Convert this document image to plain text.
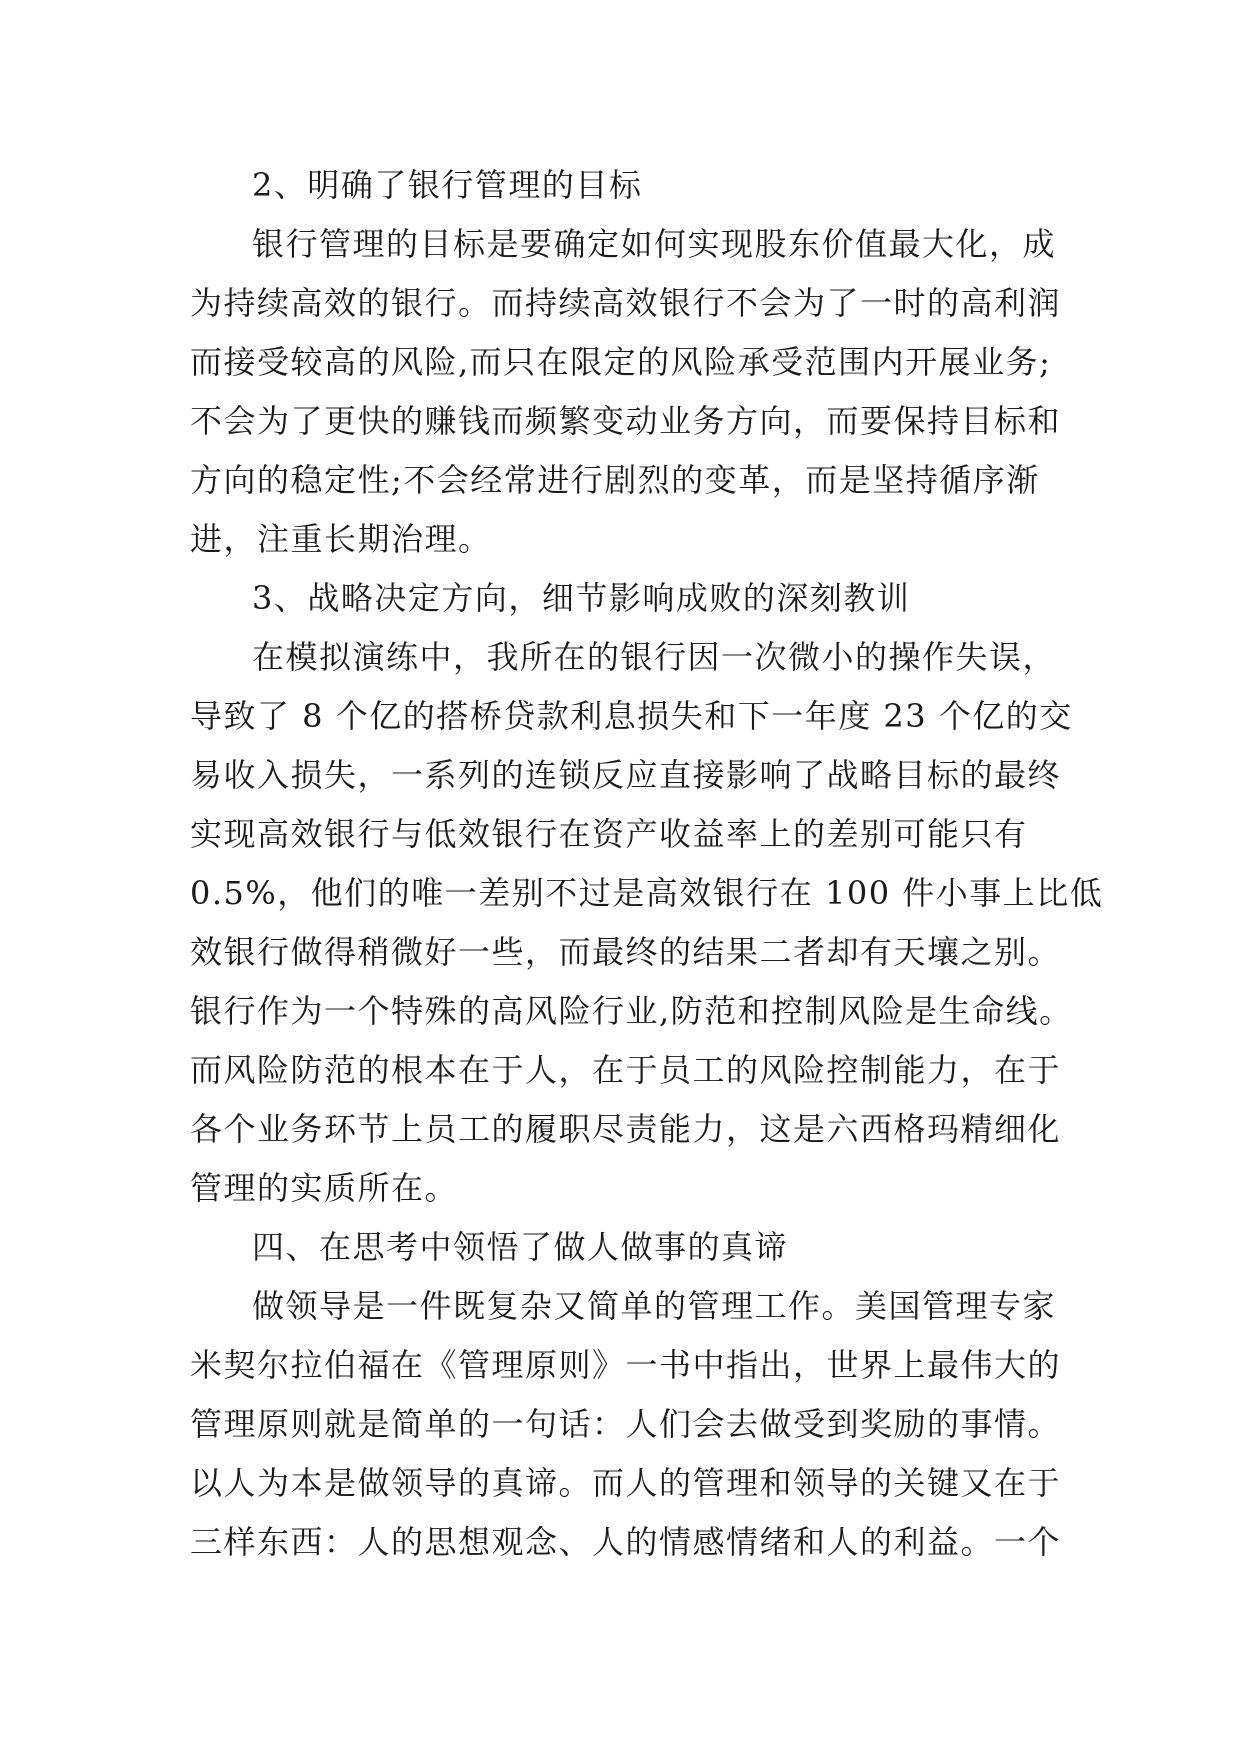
2、明确了银行管理的目标
银行管理的目标是要确定如何实现股东价值最大化，成
为持续高效的银行。而持续高效银行不会为了一时的高利润
而接受较高的风险,而只在限定的风险承受范围内开展业务;
不会为了更快的赚钱而频繁变动业务方向，而要保持目标和
方向的稳定性;不会经常进行剧烈的变革，而是坚持循序渐
进，注重长期治理。
3、战略决定方向，细节影响成败的深刻教训
在模拟演练中，我所在的银行因一次微小的操作失误，
导致了 8 个亿的搭桥贷款利息损失和下一年度 23 个亿的交
易收入损失，一系列的连锁反应直接影响了战略目标的最终
实现高效银行与低效银行在资产收益率上的差别可能只有
0.5%，他们的唯一差别不过是高效银行在 100 件小事上比低
效银行做得稍微好一些，而最终的结果二者却有天壤之别。
银行作为一个特殊的高风险行业,防范和控制风险是生命线。
而风险防范的根本在于人，在于员工的风险控制能力，在于
各个业务环节上员工的履职尽责能力，这是六西格玛精细化
管理的实质所在。
四、在思考中领悟了做人做事的真谛
做领导是一件既复杂又简单的管理工作。美国管理专家
米契尔拉伯福在《管理原则》一书中指出，世界上最伟大的
管理原则就是简单的一句话：人们会去做受到奖励的事情。
以人为本是做领导的真谛。而人的管理和领导的关键又在于
三样东西：人的思想观念、人的情感情绪和人的利益。一个
